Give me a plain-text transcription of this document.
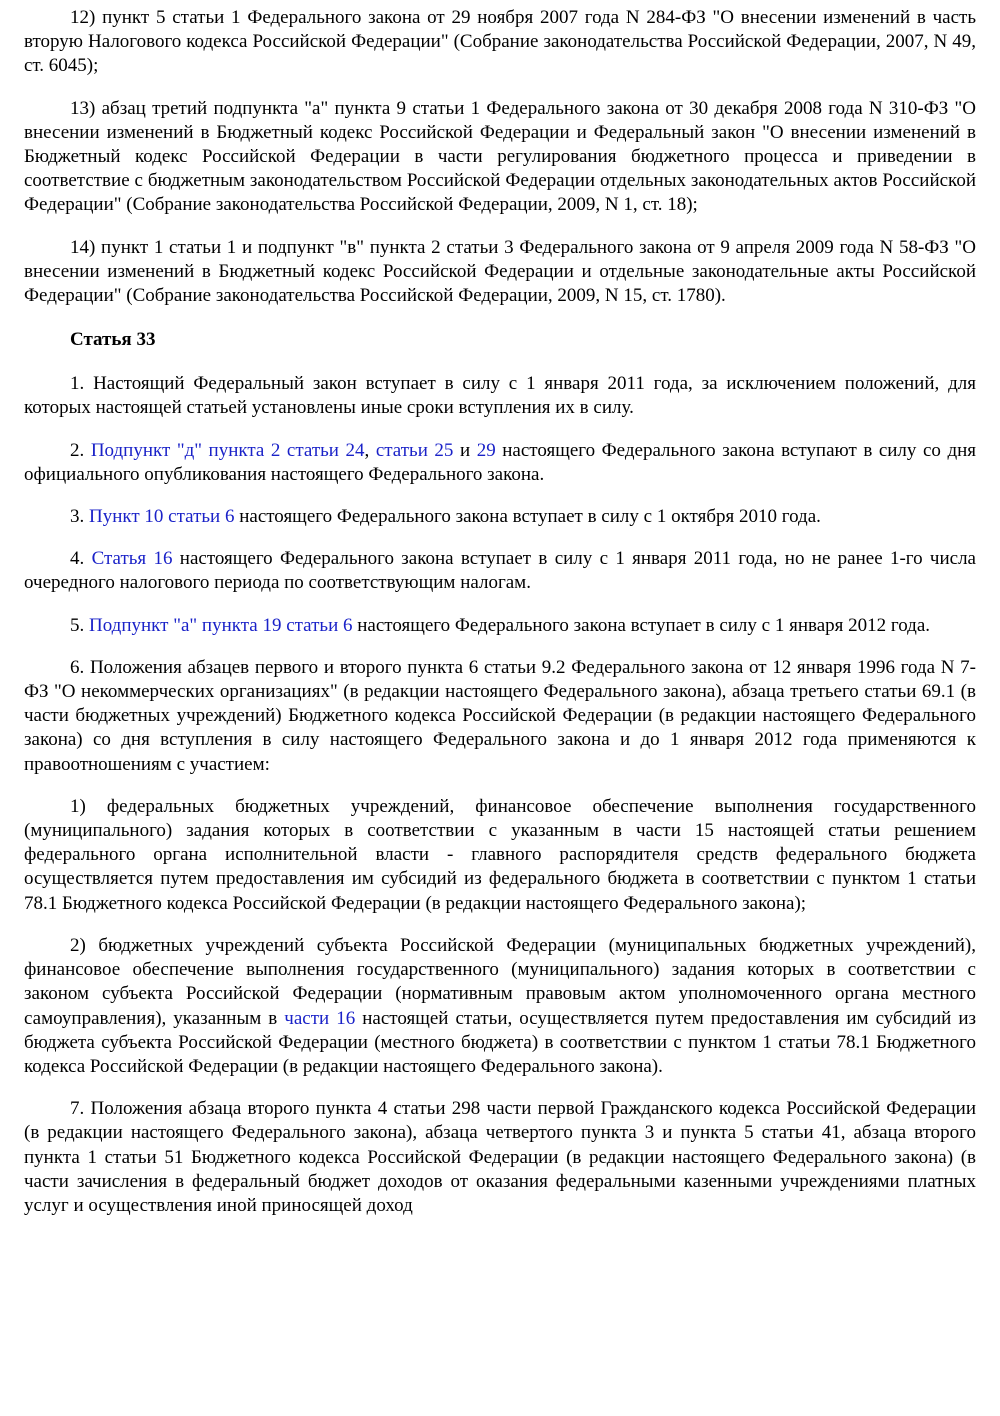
12) пункт 5 статьи 1 Федерального закона от 29 ноября 2007 года N 284-ФЗ "О внесении изменений в часть вторую Налогового кодекса Российской Федерации" (Собрание законодательства Российской Федерации, 2007, N 49, ст. 6045);

13) абзац третий подпункта "а" пункта 9 статьи 1 Федерального закона от 30 декабря 2008 года N 310-ФЗ "О внесении изменений в Бюджетный кодекс Российской Федерации и Федеральный закон "О внесении изменений в Бюджетный кодекс Российской Федерации в части регулирования бюджетного процесса и приведении в соответствие с бюджетным законодательством Российской Федерации отдельных законодательных актов Российской Федерации" (Собрание законодательства Российской Федерации, 2009, N 1, ст. 18);

14) пункт 1 статьи 1 и подпункт "в" пункта 2 статьи 3 Федерального закона от 9 апреля 2009 года N 58-ФЗ "О внесении изменений в Бюджетный кодекс Российской Федерации и отдельные законодательные акты Российской Федерации" (Собрание законодательства Российской Федерации, 2009, N 15, ст. 1780).

Статья 33

1. Настоящий Федеральный закон вступает в силу с 1 января 2011 года, за исключением положений, для которых настоящей статьей установлены иные сроки вступления их в силу.

2. Подпункт "д" пункта 2 статьи 24, статьи 25 и 29 настоящего Федерального закона вступают в силу со дня официального опубликования настоящего Федерального закона.

3. Пункт 10 статьи 6 настоящего Федерального закона вступает в силу с 1 октября 2010 года.

4. Статья 16 настоящего Федерального закона вступает в силу с 1 января 2011 года, но не ранее 1-го числа очередного налогового периода по соответствующим налогам.

5. Подпункт "а" пункта 19 статьи 6 настоящего Федерального закона вступает в силу с 1 января 2012 года.

6. Положения абзацев первого и второго пункта 6 статьи 9.2 Федерального закона от 12 января 1996 года N 7-ФЗ "О некоммерческих организациях" (в редакции настоящего Федерального закона), абзаца третьего статьи 69.1 (в части бюджетных учреждений) Бюджетного кодекса Российской Федерации (в редакции настоящего Федерального закона) со дня вступления в силу настоящего Федерального закона и до 1 января 2012 года применяются к правоотношениям с участием:

1) федеральных бюджетных учреждений, финансовое обеспечение выполнения государственного (муниципального) задания которых в соответствии с указанным в части 15 настоящей статьи решением федерального органа исполнительной власти - главного распорядителя средств федерального бюджета осуществляется путем предоставления им субсидий из федерального бюджета в соответствии с пунктом 1 статьи 78.1 Бюджетного кодекса Российской Федерации (в редакции настоящего Федерального закона);

2) бюджетных учреждений субъекта Российской Федерации (муниципальных бюджетных учреждений), финансовое обеспечение выполнения государственного (муниципального) задания которых в соответствии с законом субъекта Российской Федерации (нормативным правовым актом уполномоченного органа местного самоуправления), указанным в части 16 настоящей статьи, осуществляется путем предоставления им субсидий из бюджета субъекта Российской Федерации (местного бюджета) в соответствии с пунктом 1 статьи 78.1 Бюджетного кодекса Российской Федерации (в редакции настоящего Федерального закона).

7. Положения абзаца второго пункта 4 статьи 298 части первой Гражданского кодекса Российской Федерации (в редакции настоящего Федерального закона), абзаца четвертого пункта 3 и пункта 5 статьи 41, абзаца второго пункта 1 статьи 51 Бюджетного кодекса Российской Федерации (в редакции настоящего Федерального закона) (в части зачисления в федеральный бюджет доходов от оказания федеральными казенными учреждениями платных услуг и осуществления иной приносящей доход
